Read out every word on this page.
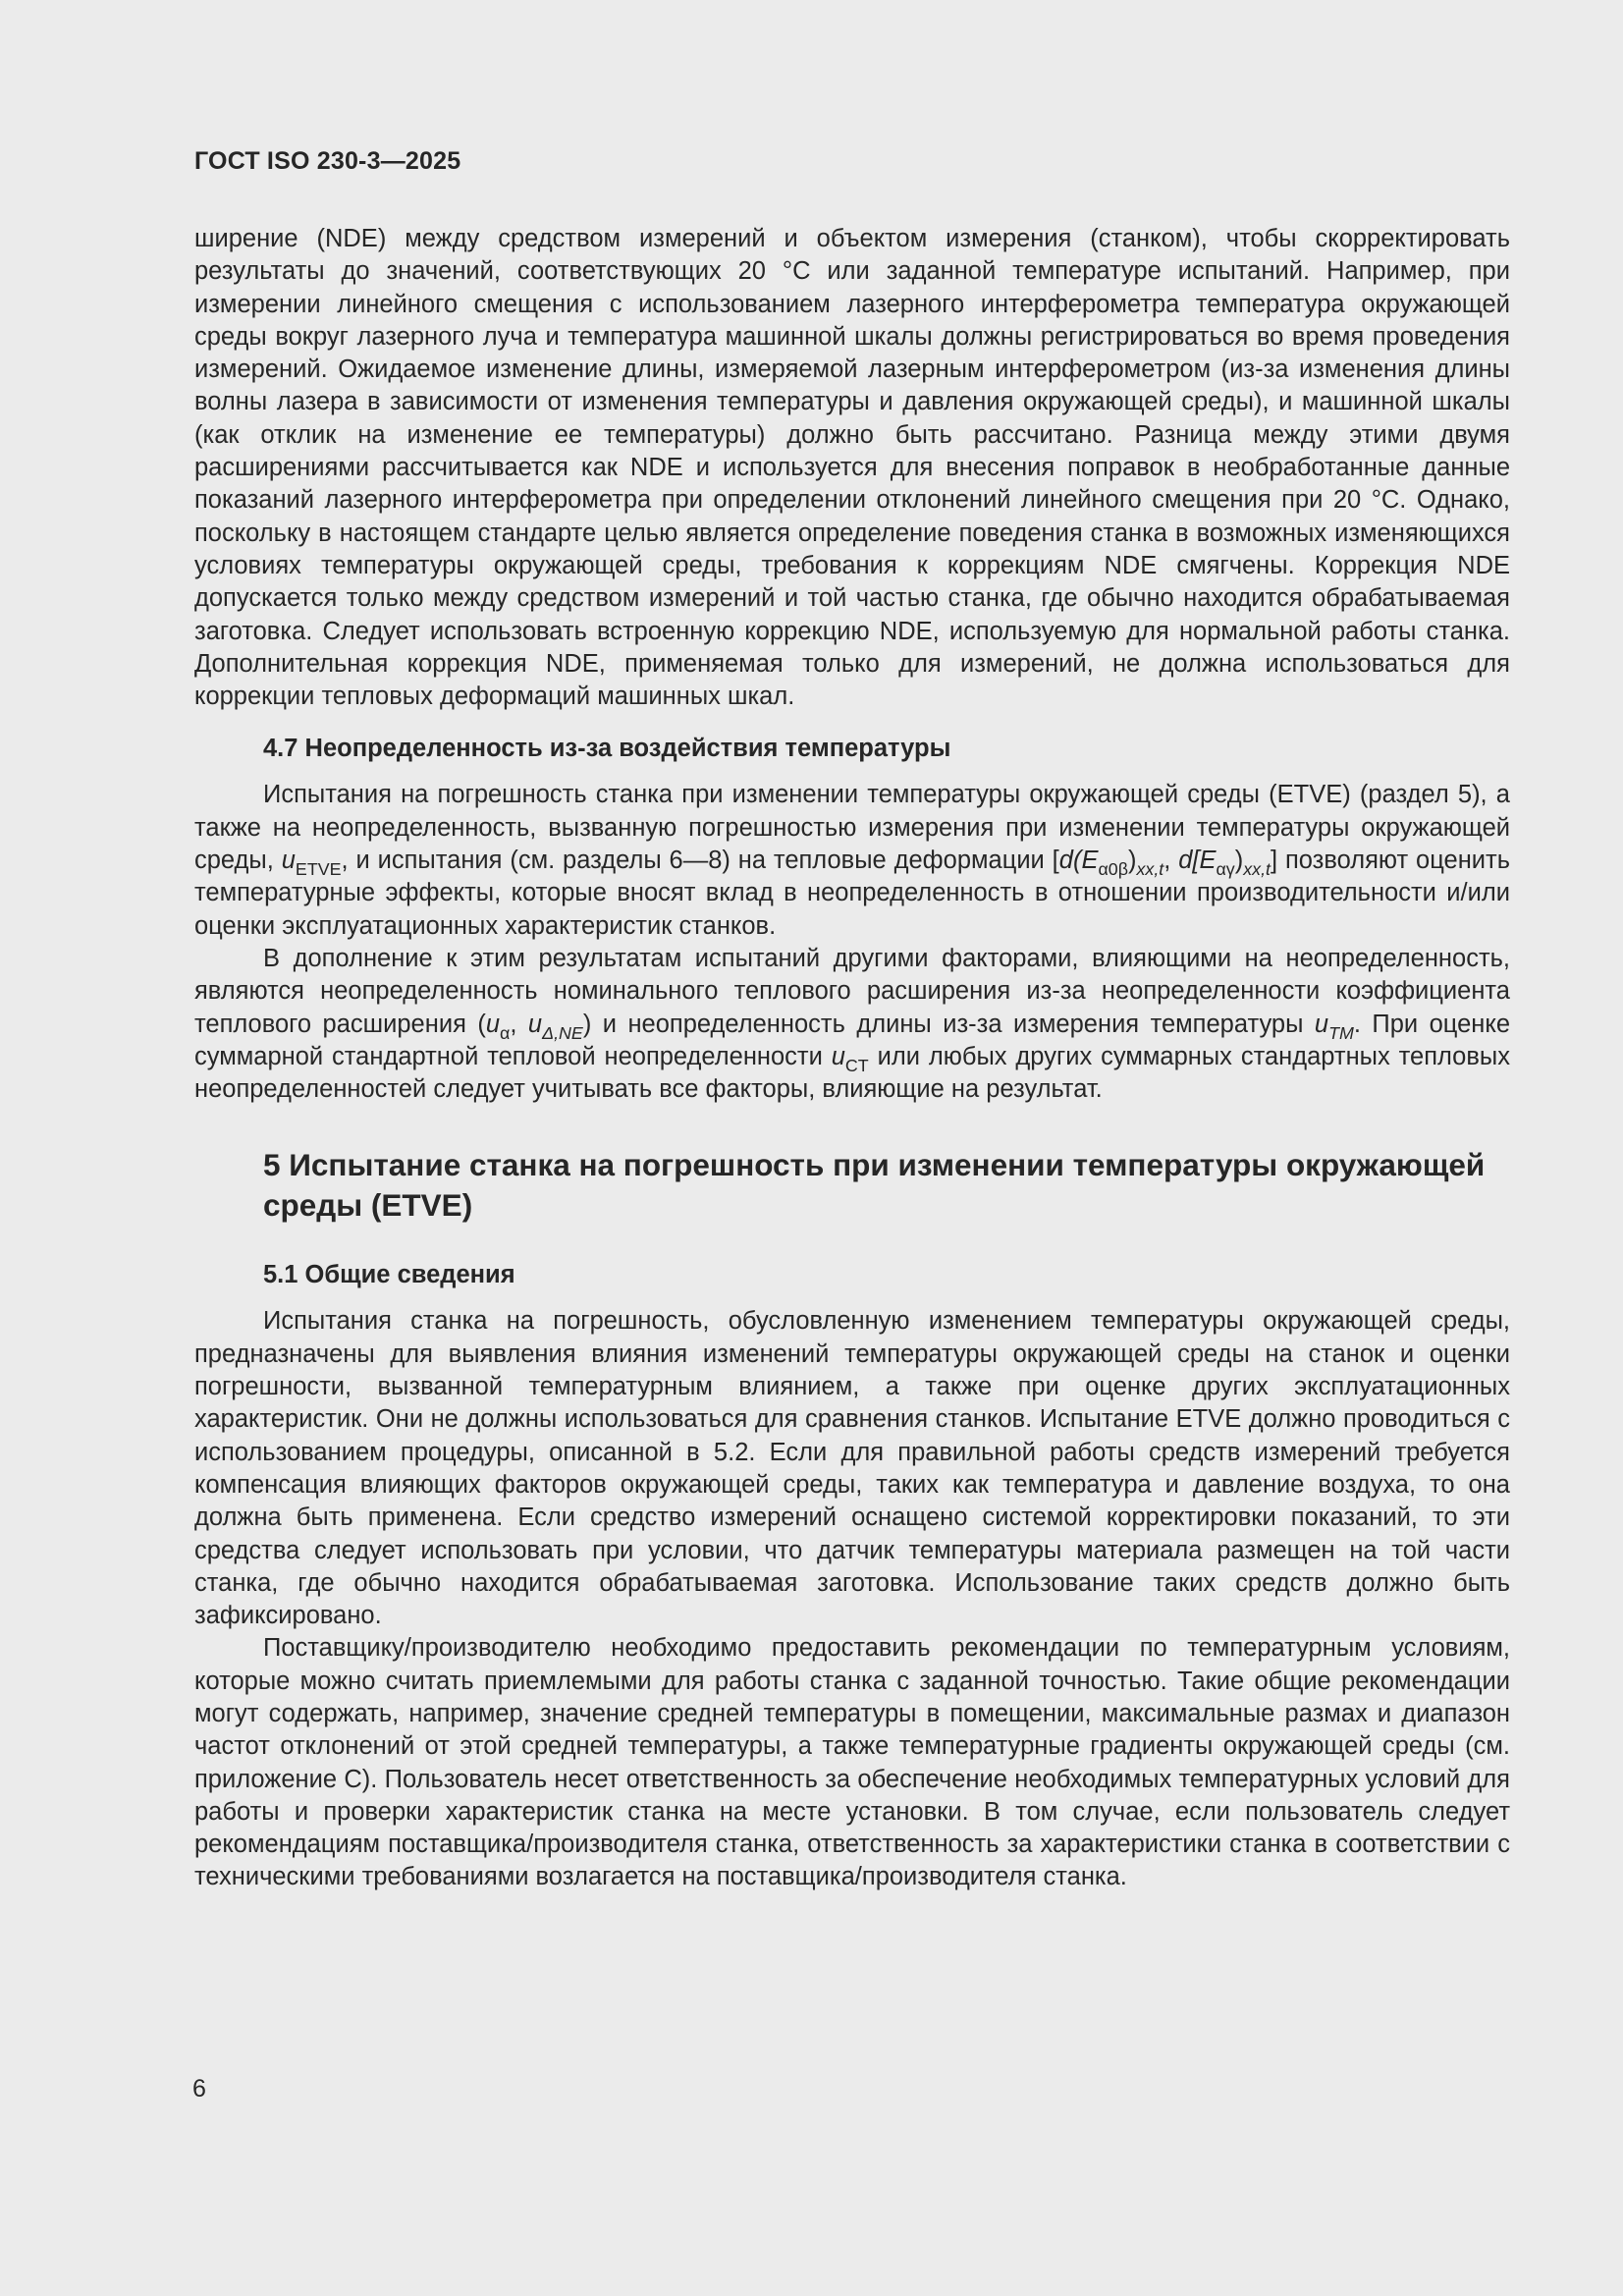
ГОСТ ISO 230-3—2025

ширение (NDE) между средством измерений и объектом измерения (станком), чтобы скорректировать результаты до значений, соответствующих 20 °С или заданной температуре испытаний. Например, при измерении линейного смещения с использованием лазерного интерферометра температура окружающей среды вокруг лазерного луча и температура машинной шкалы должны регистрироваться во время проведения измерений. Ожидаемое изменение длины, измеряемой лазерным интерферометром (из-за изменения длины волны лазера в зависимости от изменения температуры и давления окружающей среды), и машинной шкалы (как отклик на изменение ее температуры) должно быть рассчитано. Разница между этими двумя расширениями рассчитывается как NDE и используется для внесения поправок в необработанные данные показаний лазерного интерферометра при определении отклонений линейного смещения при 20 °С. Однако, поскольку в настоящем стандарте целью является определение поведения станка в возможных изменяющихся условиях температуры окружающей среды, требования к коррекциям NDE смягчены. Коррекция NDE допускается только между средством измерений и той частью станка, где обычно находится обрабатываемая заготовка. Следует использовать встроенную коррекцию NDE, используемую для нормальной работы станка. Дополнительная коррекция NDE, применяемая только для измерений, не должна использоваться для коррекции тепловых деформаций машинных шкал.

4.7 Неопределенность из-за воздействия температуры

Испытания на погрешность станка при изменении температуры окружающей среды (ETVE) (раздел 5), а также на неопределенность, вызванную погрешностью измерения при изменении температуры окружающей среды, $u_{ETVE}$, и испытания (см. разделы 6—8) на тепловые деформации [$d(E_{\alpha 0\beta})_{xx,t}$, $d[E_{\alpha\gamma})_{xx,t}$] позволяют оценить температурные эффекты, которые вносят вклад в неопределенность в отношении производительности и/или оценки эксплуатационных характеристик станков.

В дополнение к этим результатам испытаний другими факторами, влияющими на неопределенность, являются неопределенность номинального теплового расширения из-за неопределенности коэффициента теплового расширения ($u_\alpha$, $u_{\Delta,NE}$) и неопределенность длины из-за измерения температуры $u_{TM}$. При оценке суммарной стандартной тепловой неопределенности $u_{CT}$ или любых других суммарных стандартных тепловых неопределенностей следует учитывать все факторы, влияющие на результат.

5 Испытание станка на погрешность при изменении температуры окружающей среды (ETVE)
5.1 Общие сведения

Испытания станка на погрешность, обусловленную изменением температуры окружающей среды, предназначены для выявления влияния изменений температуры окружающей среды на станок и оценки погрешности, вызванной температурным влиянием, а также при оценке других эксплуатационных характеристик. Они не должны использоваться для сравнения станков. Испытание ETVE должно проводиться с использованием процедуры, описанной в 5.2. Если для правильной работы средств измерений требуется компенсация влияющих факторов окружающей среды, таких как температура и давление воздуха, то она должна быть применена. Если средство измерений оснащено системой корректировки показаний, то эти средства следует использовать при условии, что датчик температуры материала размещен на той части станка, где обычно находится обрабатываемая заготовка. Использование таких средств должно быть зафиксировано.

Поставщику/производителю необходимо предоставить рекомендации по температурным условиям, которые можно считать приемлемыми для работы станка с заданной точностью. Такие общие рекомендации могут содержать, например, значение средней температуры в помещении, максимальные размах и диапазон частот отклонений от этой средней температуры, а также температурные градиенты окружающей среды (см. приложение С). Пользователь несет ответственность за обеспечение необходимых температурных условий для работы и проверки характеристик станка на месте установки. В том случае, если пользователь следует рекомендациям поставщика/производителя станка, ответственность за характеристики станка в соответствии с техническими требованиями возлагается на поставщика/производителя станка.

6
